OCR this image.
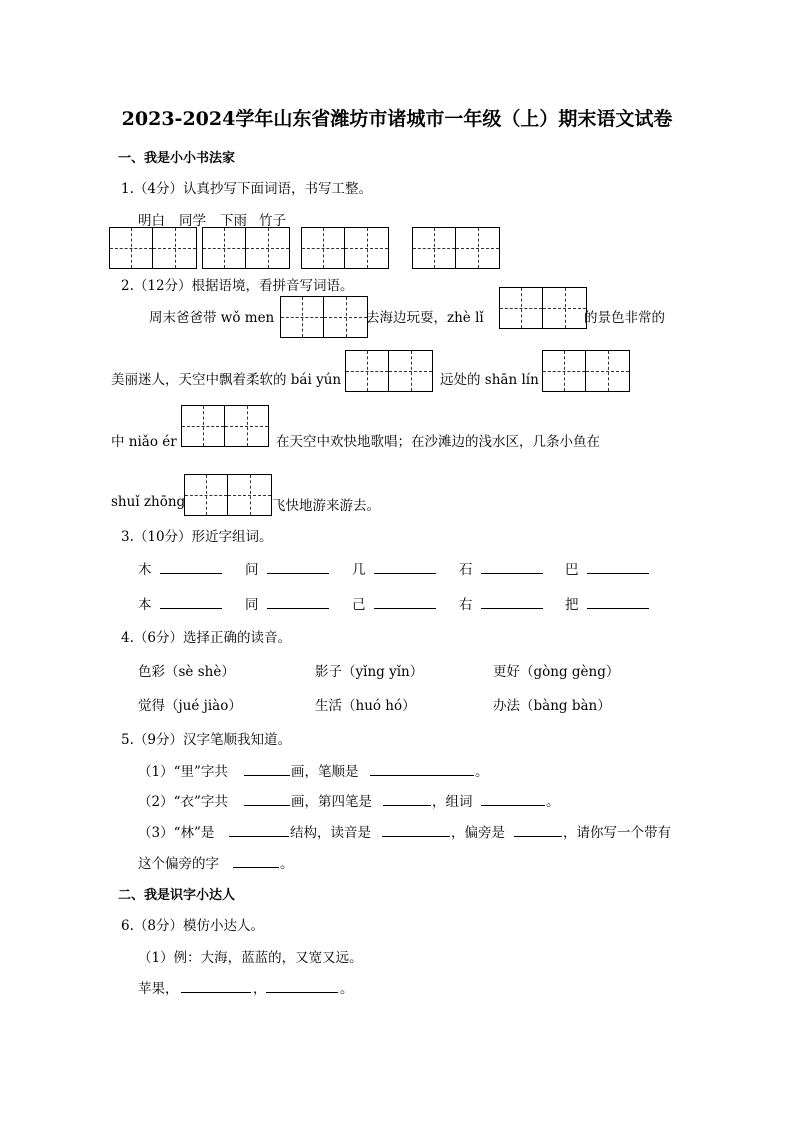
2023-2024学年山东省潍坊市诸城市一年级（上）期末语文试卷
一、我是小小书法家
1.（4分）认真抄写下面词语，书写工整。
明白 同学 下雨 竹子
2.（12分）根据语境，看拼音写词语。
周末爸爸带 wǒ men	去海边玩耍，zhè lǐ	的景色非常的
美丽迷人，天空中飘着柔软的 bái yún	远处的 shān lín
中 niǎo ér	在天空中欢快地歌唱；在沙滩边的浅水区，几条小鱼在
shuǐ zhōng	飞快地游来游去。
3.（10分）形近字组词。
木	问	几	石	巴
本	同	己	右	把
4.（6分）选择正确的读音。
色彩（sè shè）	影子（yǐng yǐn）	更好（gòng gèng）
觉得（jué jiào）	生活（huó hó）	办法（bàng bàn）
5.（9分）汉字笔顺我知道。
（1）“里”字共	画，笔顺是	。
（2）“衣”字共	画，第四笔是	，组词	。
（3）“林”是	结构，读音是	，偏旁是	，请你写一个带有
这个偏旁的字	。
二、我是识字小达人
6.（8分）模仿小达人。
（1）例：大海，蓝蓝的，又宽又远。
苹果，	，	。
